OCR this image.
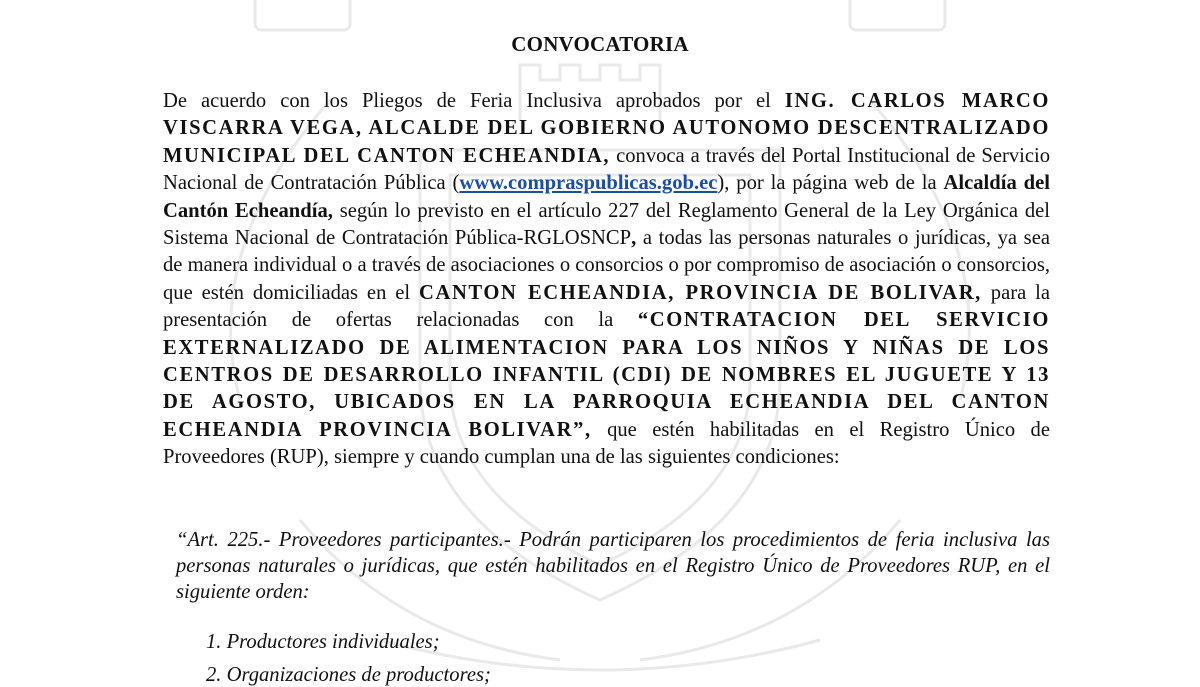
CONVOCATORIA
De acuerdo con los Pliegos de Feria Inclusiva aprobados por el ING. CARLOS MARCO VISCARRA VEGA, ALCALDE DEL GOBIERNO AUTONOMO DESCENTRALIZADO MUNICIPAL DEL CANTON ECHEANDIA, convoca a través del Portal Institucional de Servicio Nacional de Contratación Pública (www.compraspublicas.gob.ec), por la página web de la Alcaldía del Cantón Echeandía, según lo previsto en el artículo 227 del Reglamento General de la Ley Orgánica del Sistema Nacional de Contratación Pública-RGLOSNCP, a todas las personas naturales o jurídicas, ya sea de manera individual o a través de asociaciones o consorcios o por compromiso de asociación o consorcios, que estén domiciliadas en el CANTON ECHEANDIA, PROVINCIA DE BOLIVAR, para la presentación de ofertas relacionadas con la “CONTRATACION DEL SERVICIO EXTERNALIZADO DE ALIMENTACION PARA LOS NIÑOS Y NIÑAS DE LOS CENTROS DE DESARROLLO INFANTIL (CDI) DE NOMBRES EL JUGUETE Y 13 DE AGOSTO, UBICADOS EN LA PARROQUIA ECHEANDIA DEL CANTON ECHEANDIA PROVINCIA BOLIVAR”, que estén habilitadas en el Registro Único de Proveedores (RUP), siempre y cuando cumplan una de las siguientes condiciones:
“Art. 225.- Proveedores participantes.- Podrán participaren los procedimientos de feria inclusiva las personas naturales o jurídicas, que estén habilitados en el Registro Único de Proveedores RUP, en el siguiente orden:
1. Productores individuales;
2. Organizaciones de productores;
